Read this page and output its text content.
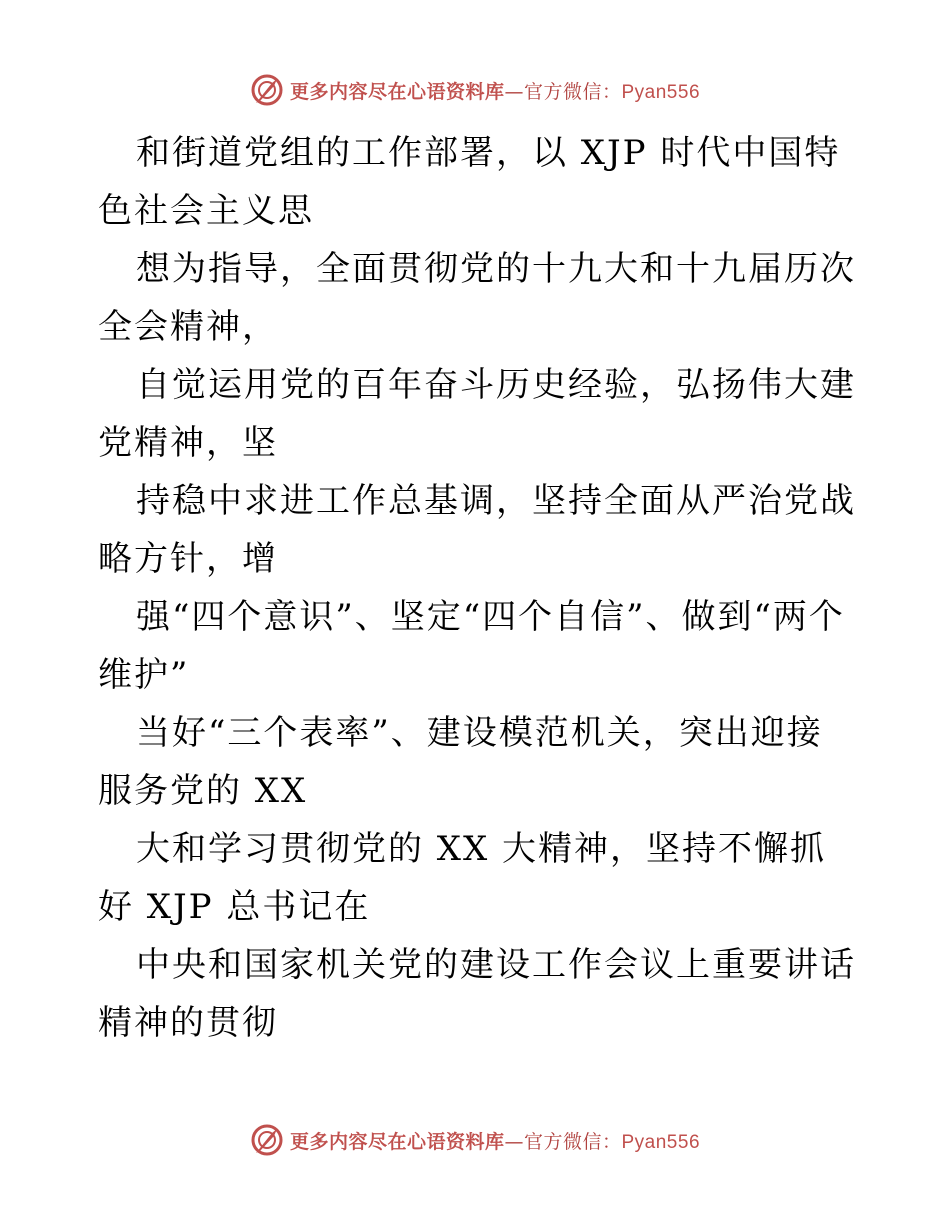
更多内容尽在心语资料库—官方微信：Pyan556

和街道党组的工作部署，以 XJP 时代中国特色社会主义思

想为指导，全面贯彻党的十九大和十九届历次全会精神，

自觉运用党的百年奋斗历史经验，弘扬伟大建党精神，坚

持稳中求进工作总基调，坚持全面从严治党战略方针，增

强“四个意识”、坚定“四个自信”、做到“两个维护”

当好“三个表率”、建设模范机关，突出迎接服务党的 XX

大和学习贯彻党的 XX 大精神，坚持不懈抓好 XJP 总书记在

中央和国家机关党的建设工作会议上重要讲话精神的贯彻

更多内容尽在心语资料库—官方微信：Pyan556
